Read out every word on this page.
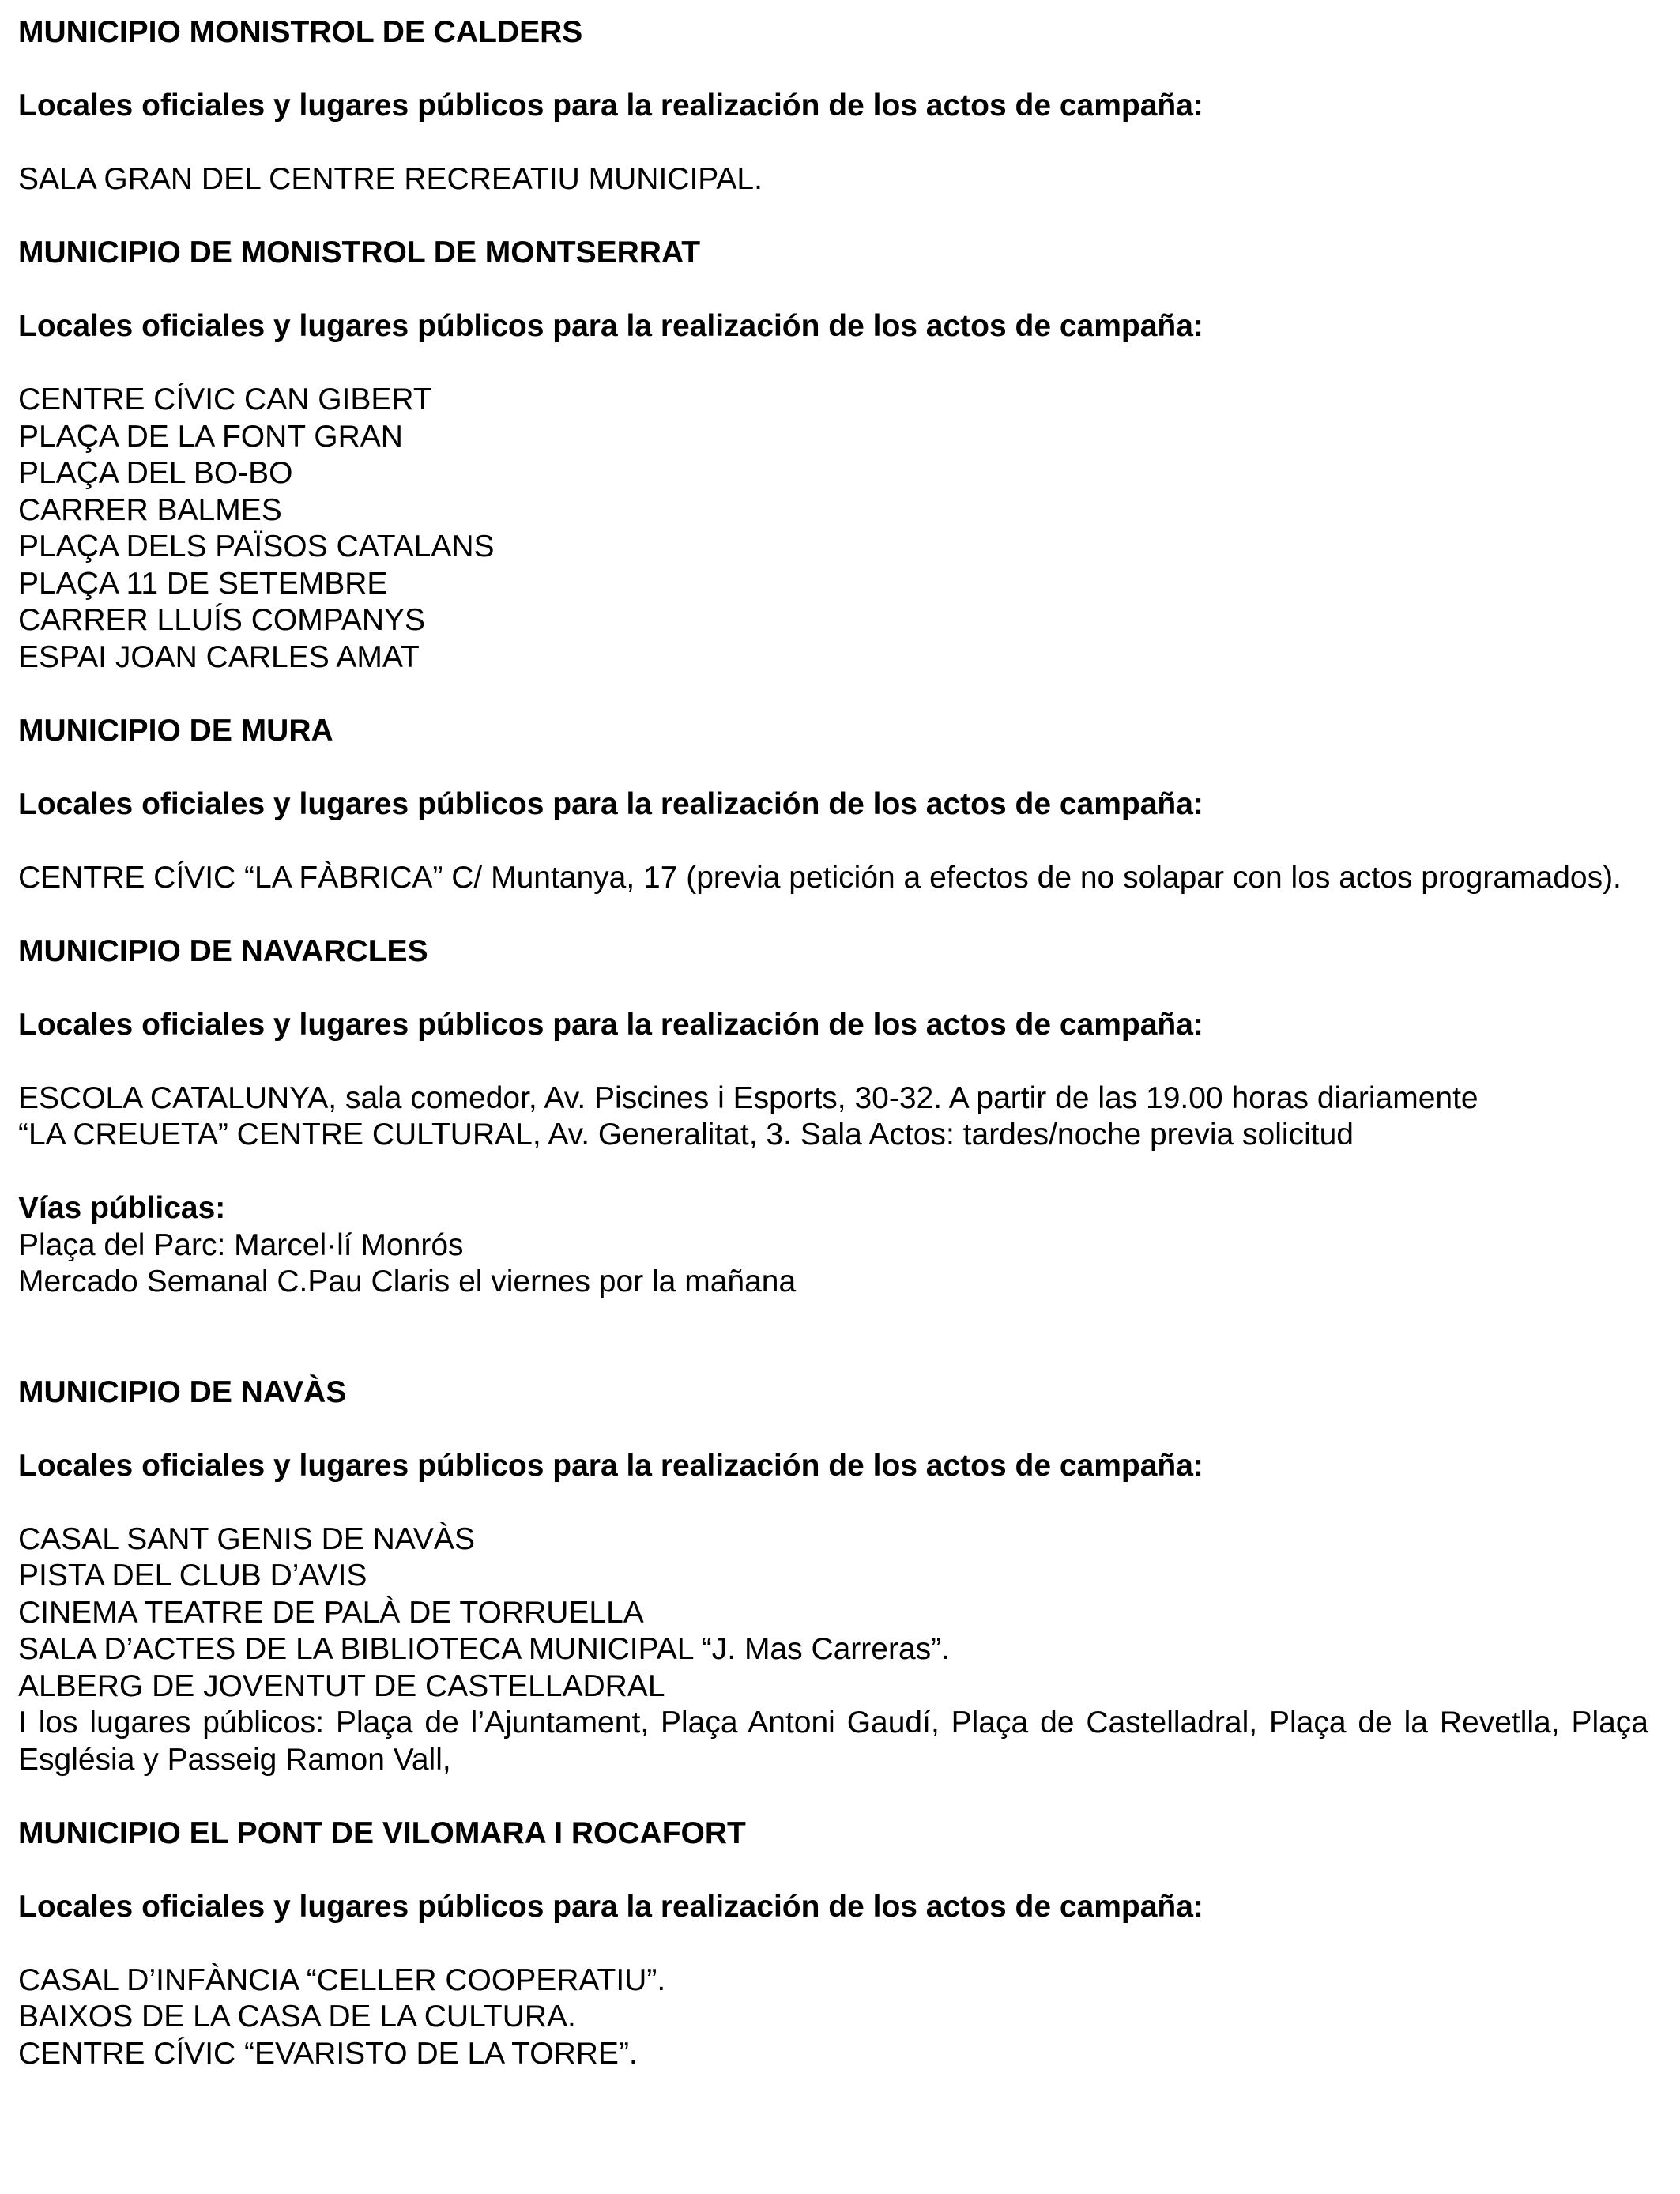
MUNICIPIO MONISTROL DE CALDERS

Locales oficiales y lugares públicos para la realización de los actos de campaña:

SALA GRAN DEL CENTRE RECREATIU MUNICIPAL.

MUNICIPIO DE MONISTROL DE MONTSERRAT

Locales oficiales y lugares públicos para la realización de los actos de campaña:

CENTRE CÍVIC CAN GIBERT

PLAÇA DE LA FONT GRAN

PLAÇA DEL BO-BO

CARRER BALMES

PLAÇA DELS PAÏSOS CATALANS

PLAÇA 11 DE SETEMBRE

CARRER LLUÍS COMPANYS

ESPAI JOAN CARLES AMAT

MUNICIPIO DE MURA

Locales oficiales y lugares públicos para la realización de los actos de campaña:

CENTRE CÍVIC “LA FÀBRICA” C/ Muntanya, 17 (previa petición a efectos de no solapar con los actos programados).

MUNICIPIO DE NAVARCLES

Locales oficiales y lugares públicos para la realización de los actos de campaña:

ESCOLA CATALUNYA, sala comedor, Av. Piscines i Esports, 30-32. A partir de las 19.00 horas diariamente

“LA CREUETA” CENTRE CULTURAL, Av. Generalitat, 3. Sala Actos: tardes/noche previa solicitud

Vías públicas:

Plaça del Parc: Marcel·lí Monrós

Mercado Semanal C.Pau Claris el viernes por la mañana

MUNICIPIO DE NAVÀS

Locales oficiales y lugares públicos para la realización de los actos de campaña:

CASAL SANT GENIS DE NAVÀS

PISTA DEL CLUB D’AVIS

CINEMA TEATRE DE PALÀ DE TORRUELLA

SALA D’ACTES DE LA BIBLIOTECA MUNICIPAL “J. Mas Carreras”.

ALBERG DE JOVENTUT DE CASTELLADRAL

I los lugares públicos: Plaça de l’Ajuntament, Plaça Antoni Gaudí, Plaça de Castelladral, Plaça de la Revetlla, Plaça Església y Passeig Ramon Vall,

MUNICIPIO EL PONT DE VILOMARA I ROCAFORT

Locales oficiales y lugares públicos para la realización de los actos de campaña:

CASAL D’INFÀNCIA “CELLER COOPERATIU”.

BAIXOS DE LA CASA DE LA CULTURA.

CENTRE CÍVIC “EVARISTO DE LA TORRE”.
